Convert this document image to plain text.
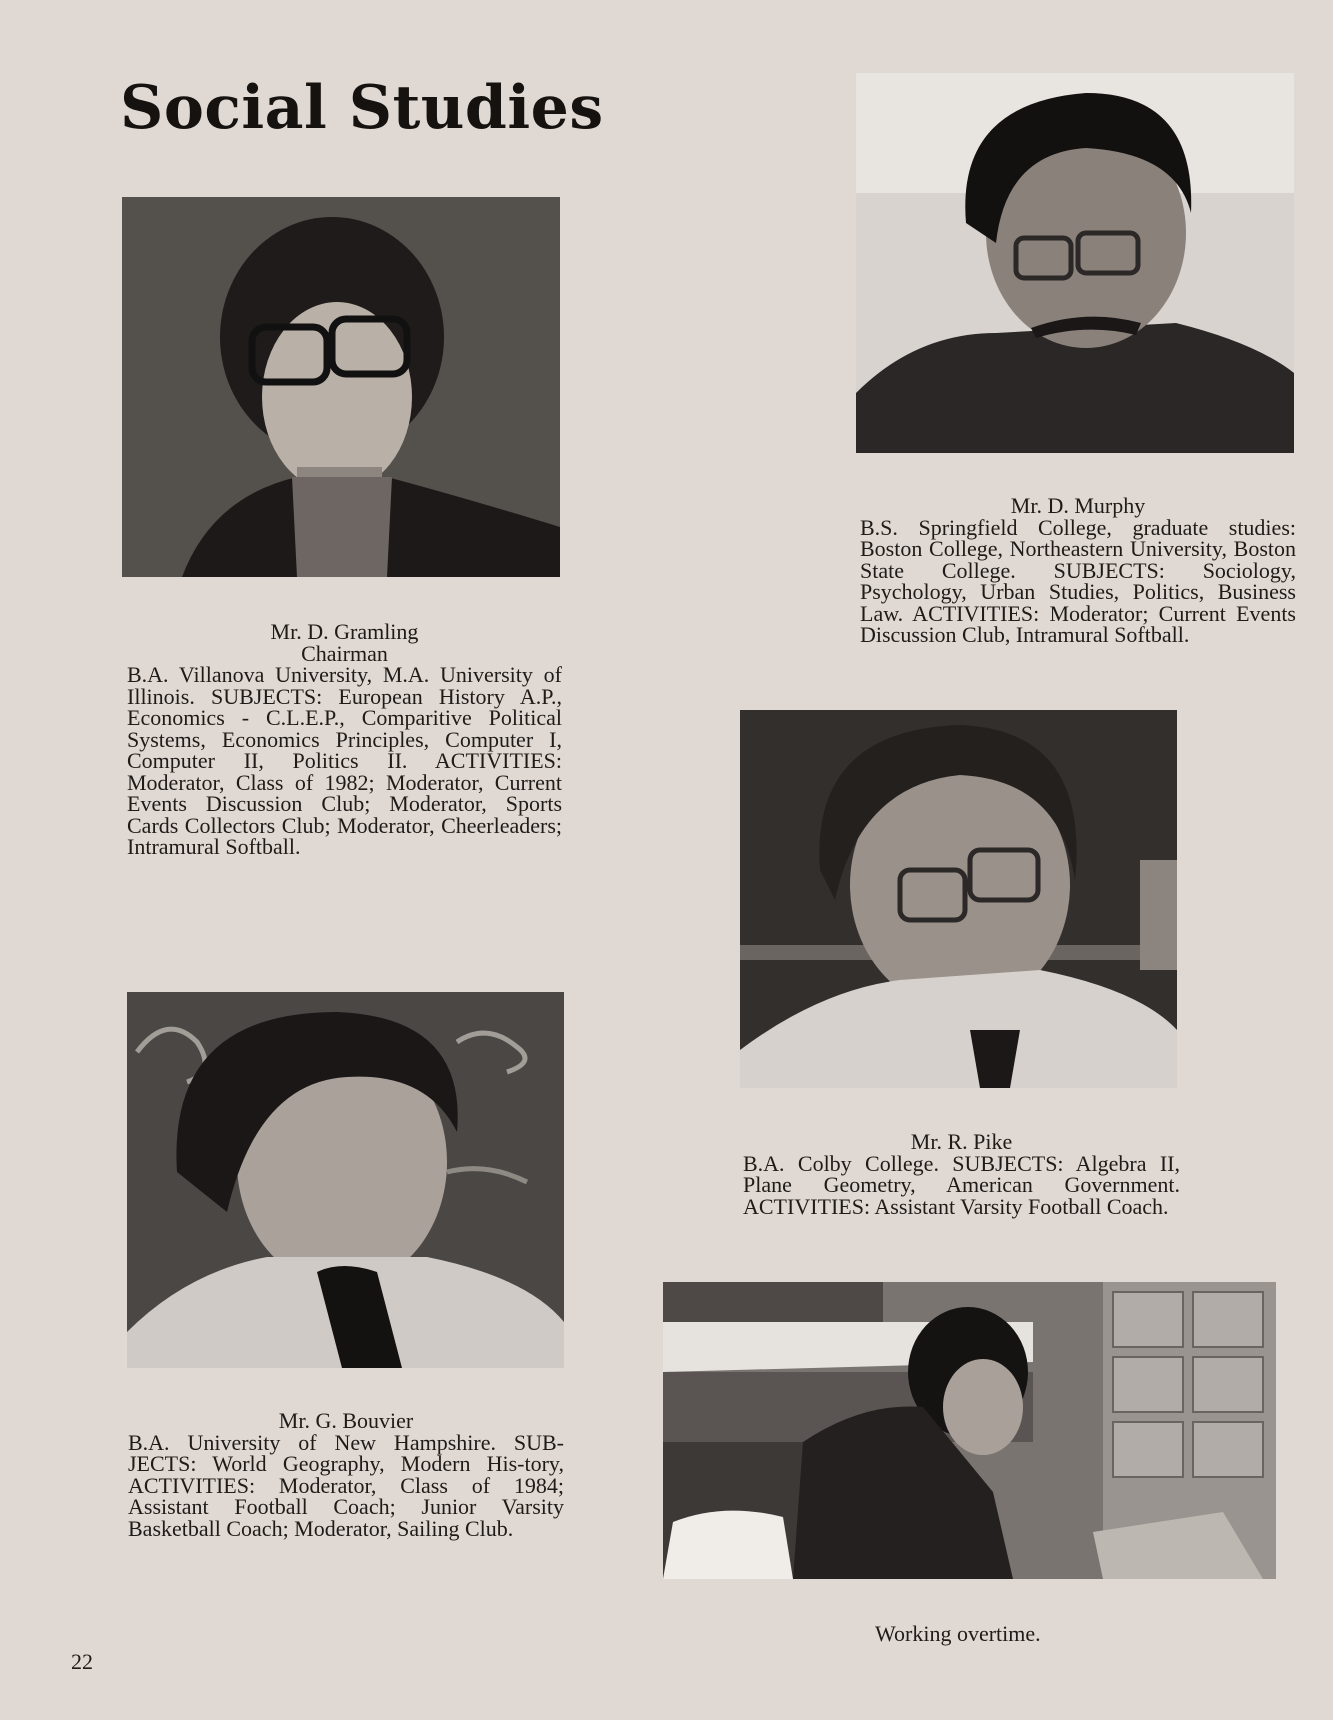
Social Studies
Mr. D. Gramling
Chairman
B.A. Villanova University, M.A. University of Illinois. SUBJECTS: European History A.P., Economics - C.L.E.P., Comparitive Political Systems, Economics Principles, Computer I, Computer II, Politics II. ACTIVITIES: Moderator, Class of 1982; Moderator, Current Events Discussion Club; Moderator, Sports Cards Collectors Club; Moderator, Cheerleaders; Intramural Softball.
Mr. D. Murphy
B.S. Springfield College, graduate studies: Boston College, Northeastern University, Boston State College. SUBJECTS: Sociology, Psychology, Urban Studies, Politics, Business Law. ACTIVITIES: Moderator; Current Events Discussion Club, Intramural Softball.
Mr. R. Pike
B.A. Colby College. SUBJECTS: Algebra II, Plane Geometry, American Government. ACTIVITIES: Assistant Varsity Football Coach.
Mr. G. Bouvier
B.A. University of New Hampshire. SUB-JECTS: World Geography, Modern His-tory, ACTIVITIES: Moderator, Class of 1984; Assistant Football Coach; Junior Varsity Basketball Coach; Moderator, Sailing Club.
Working overtime.
22
